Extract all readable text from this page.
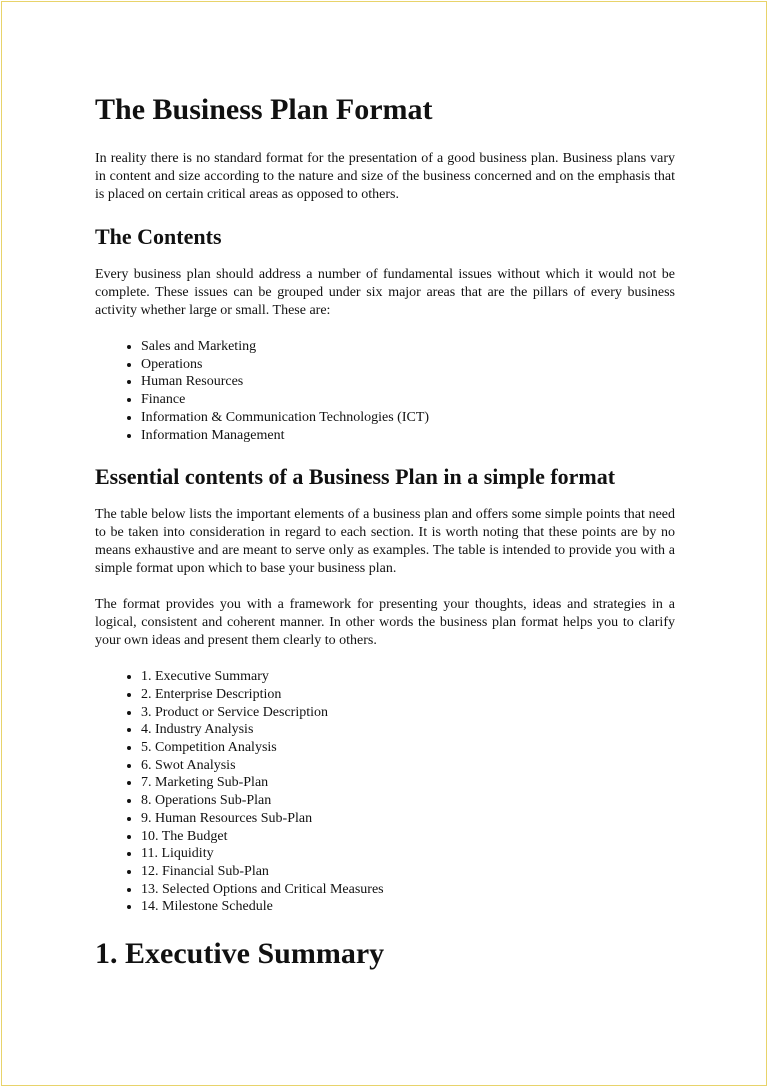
The Business Plan Format

In reality there is no standard format for the presentation of a good business plan. Business plans vary in content and size according to the nature and size of the business concerned and on the emphasis that is placed on certain critical areas as opposed to others.

The Contents

Every business plan should address a number of fundamental issues without which it would not be complete. These issues can be grouped under six major areas that are the pillars of every business activity whether large or small. These are:

• Sales and Marketing
• Operations
• Human Resources
• Finance
• Information & Communication Technologies (ICT)
• Information Management
Essential contents of a Business Plan in a simple format

The table below lists the important elements of a business plan and offers some simple points that need to be taken into consideration in regard to each section. It is worth noting that these points are by no means exhaustive and are meant to serve only as examples. The table is intended to provide you with a simple format upon which to base your business plan.

The format provides you with a framework for presenting your thoughts, ideas and strategies in a logical, consistent and coherent manner. In other words the business plan format helps you to clarify your own ideas and present them clearly to others.

• 1. Executive Summary
• 2. Enterprise Description
• 3. Product or Service Description
• 4. Industry Analysis
• 5. Competition Analysis
• 6. Swot Analysis
• 7. Marketing Sub-Plan
• 8. Operations Sub-Plan
• 9. Human Resources Sub-Plan
• 10. The Budget
• 11. Liquidity
• 12. Financial Sub-Plan
• 13. Selected Options and Critical Measures
• 14. Milestone Schedule
1. Executive Summary
